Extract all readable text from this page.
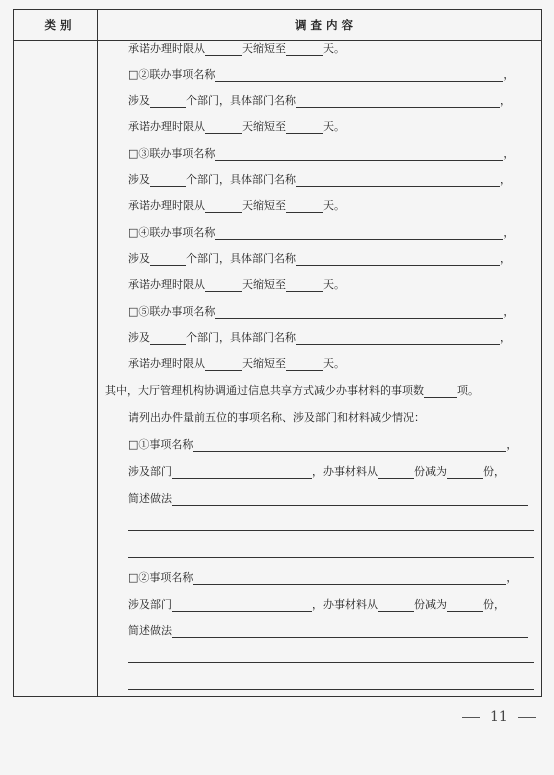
类 别	调 查 内 容
承诺办理时限从	天缩短至	天。
□②联办事项名称	，
涉及	个部门，具体部门名称	，
承诺办理时限从	天缩短至	天。
□③联办事项名称	，
涉及	个部门，具体部门名称	，
承诺办理时限从	天缩短至	天。
□④联办事项名称	，
涉及	个部门，具体部门名称	，
承诺办理时限从	天缩短至	天。
□⑤联办事项名称	，
涉及	个部门，具体部门名称	，
承诺办理时限从	天缩短至	天。
其中，大厅管理机构协调通过信息共享方式减少办事材料的事项数	项。
请列出办件量前五位的事项名称、涉及部门和材料减少情况：
□①事项名称	，
涉及部门	，办事材料从	份减为	份，
简述做法
□②事项名称	，
涉及部门	，办事材料从	份减为	份，
简述做法
11
